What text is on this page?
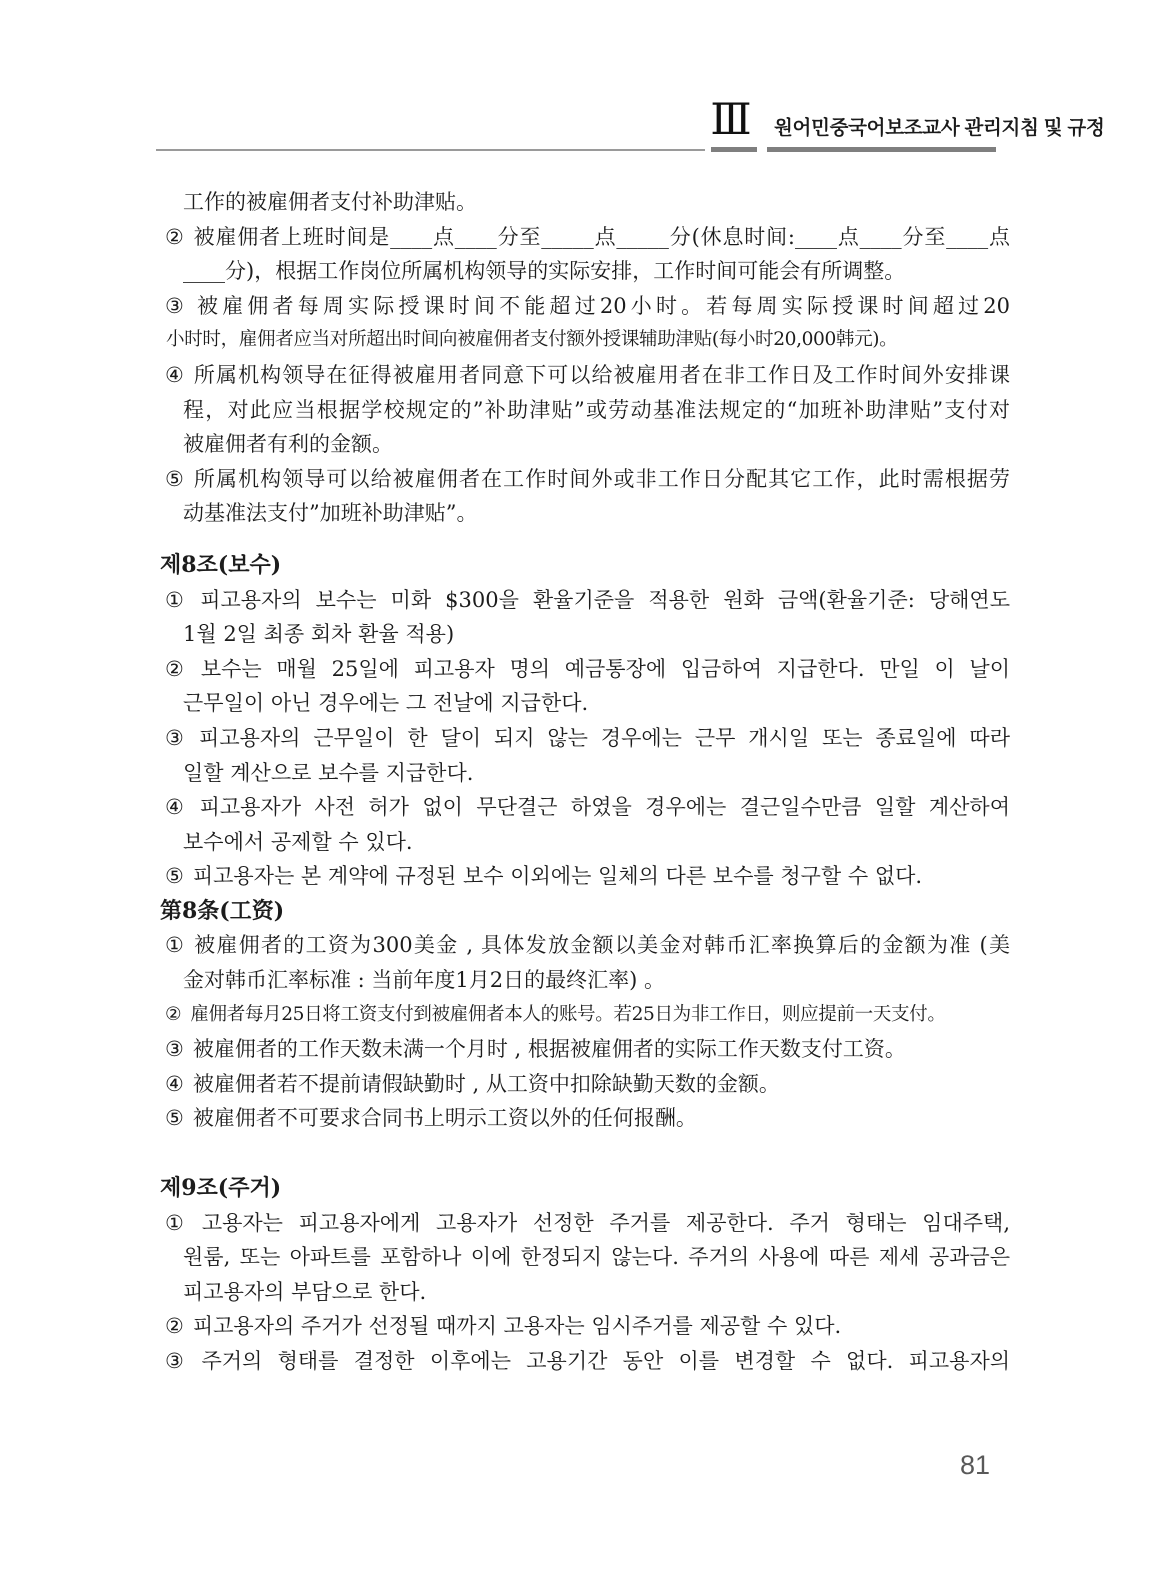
Ⅲ 원어민중국어보조교사 관리지침 및 규정
工作的被雇佣者支付补助津贴。
② 被雇佣者上班时间是____点____分至_____点_____分(休息时间:____点____分至____点
____分)，根据工作岗位所属机构领导的实际安排，工作时间可能会有所调整。
③ 被雇佣者每周实际授课时间不能超过20小时。若每周实际授课时间超过20
小时时，雇佣者应当对所超出时间向被雇佣者支付额外授课辅助津贴(每小时20,000韩元)。
④ 所属机构领导在征得被雇用者同意下可以给被雇用者在非工作日及工作时间外安排课
程，对此应当根据学校规定的”补助津贴”或劳动基准法规定的“加班补助津贴”支付对
被雇佣者有利的金额。
⑤ 所属机构领导可以给被雇佣者在工作时间外或非工作日分配其它工作，此时需根据劳
动基准法支付”加班补助津贴”。
제8조(보수)
① 피고용자의 보수는 미화 $300을 환율기준을 적용한 원화 금액(환율기준: 당해연도
1월 2일 최종 회차 환율 적용)
② 보수는 매월 25일에 피고용자 명의 예금통장에 입금하여 지급한다. 만일 이 날이
근무일이 아닌 경우에는 그 전날에 지급한다.
③ 피고용자의 근무일이 한 달이 되지 않는 경우에는 근무 개시일 또는 종료일에 따라
일할 계산으로 보수를 지급한다.
④ 피고용자가 사전 허가 없이 무단결근 하였을 경우에는 결근일수만큼 일할 계산하여
보수에서 공제할 수 있다.
⑤ 피고용자는 본 계약에 규정된 보수 이외에는 일체의 다른 보수를 청구할 수 없다.
第8条(工资)
① 被雇佣者的工资为300美金 , 具体发放金额以美金对韩币汇率换算后的金额为准 (美
金对韩币汇率标准 : 当前年度1月2日的最终汇率) 。
② 雇佣者每月25日将工资支付到被雇佣者本人的账号。若25日为非工作日，则应提前一天支付。
③ 被雇佣者的工作天数未满一个月时 , 根据被雇佣者的实际工作天数支付工资。
④ 被雇佣者若不提前请假缺勤时 , 从工资中扣除缺勤天数的金额。
⑤ 被雇佣者不可要求合同书上明示工资以外的任何报酬。
제9조(주거)
① 고용자는 피고용자에게 고용자가 선정한 주거를 제공한다. 주거 형태는 임대주택,
원룸, 또는 아파트를 포함하나 이에 한정되지 않는다. 주거의 사용에 따른 제세 공과금은
피고용자의 부담으로 한다.
② 피고용자의 주거가 선정될 때까지 고용자는 임시주거를 제공할 수 있다.
③ 주거의 형태를 결정한 이후에는 고용기간 동안 이를 변경할 수 없다. 피고용자의
81
